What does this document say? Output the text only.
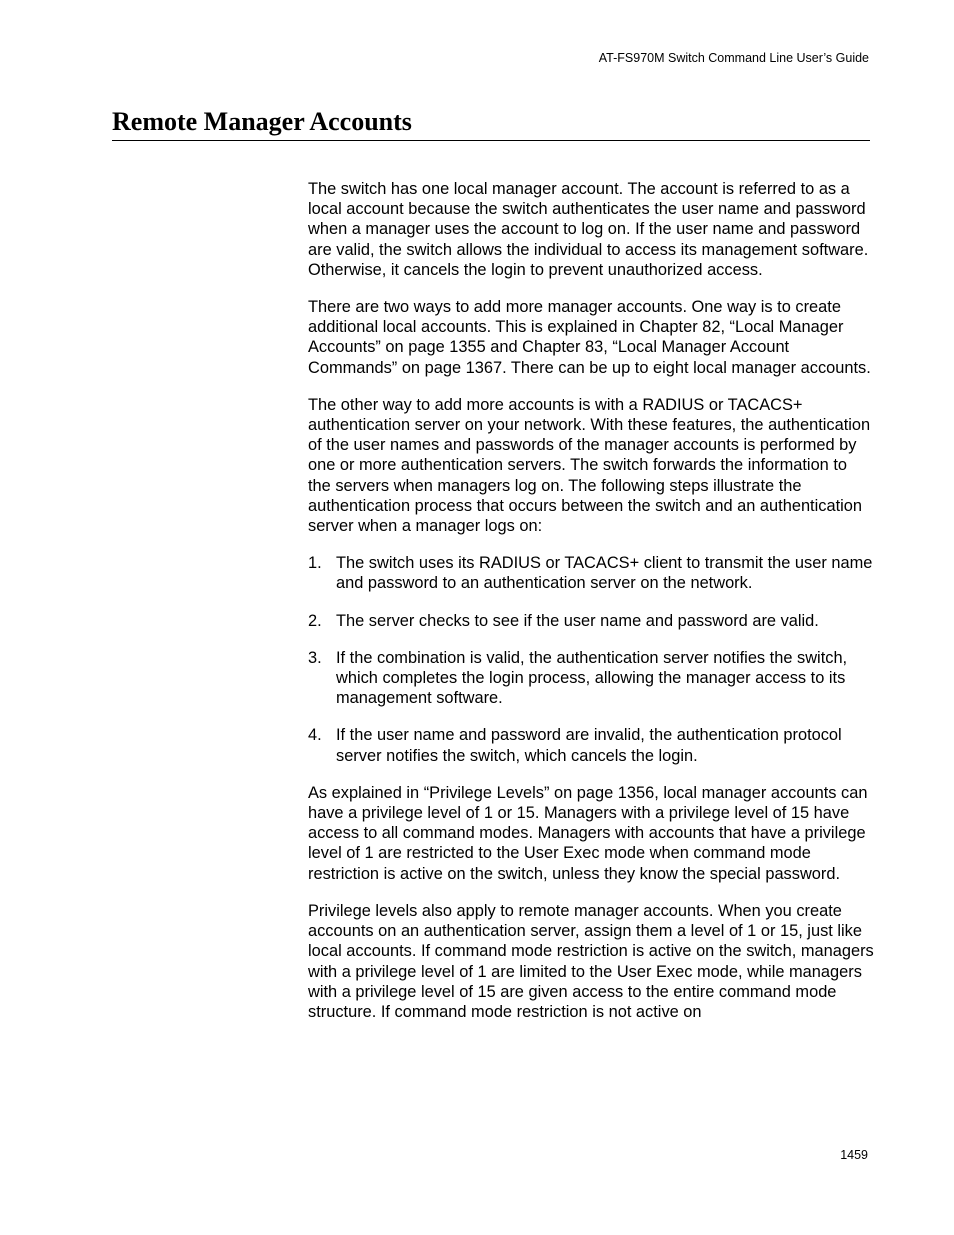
AT-FS970M Switch Command Line User’s Guide
Remote Manager Accounts

The switch has one local manager account. The account is referred to as a local account because the switch authenticates the user name and password when a manager uses the account to log on. If the user name and password are valid, the switch allows the individual to access its management software. Otherwise, it cancels the login to prevent unauthorized access.

There are two ways to add more manager accounts. One way is to create additional local accounts. This is explained in Chapter 82, “Local Manager Accounts” on page 1355 and Chapter 83, “Local Manager Account Commands” on page 1367. There can be up to eight local manager accounts.

The other way to add more accounts is with a RADIUS or TACACS+ authentication server on your network. With these features, the authentication of the user names and passwords of the manager accounts is performed by one or more authentication servers. The switch forwards the information to the servers when managers log on. The following steps illustrate the authentication process that occurs between the switch and an authentication server when a manager logs on:

1. The switch uses its RADIUS or TACACS+ client to transmit the user name and password to an authentication server on the network.
2. The server checks to see if the user name and password are valid.
3. If the combination is valid, the authentication server notifies the switch, which completes the login process, allowing the manager access to its management software.
4. If the user name and password are invalid, the authentication protocol server notifies the switch, which cancels the login.

As explained in “Privilege Levels” on page 1356, local manager accounts can have a privilege level of 1 or 15. Managers with a privilege level of 15 have access to all command modes. Managers with accounts that have a privilege level of 1 are restricted to the User Exec mode when command mode restriction is active on the switch, unless they know the special password.

Privilege levels also apply to remote manager accounts. When you create accounts on an authentication server, assign them a level of 1 or 15, just like local accounts. If command mode restriction is active on the switch, managers with a privilege level of 1 are limited to the User Exec mode, while managers with a privilege level of 15 are given access to the entire command mode structure. If command mode restriction is not active on

1459
